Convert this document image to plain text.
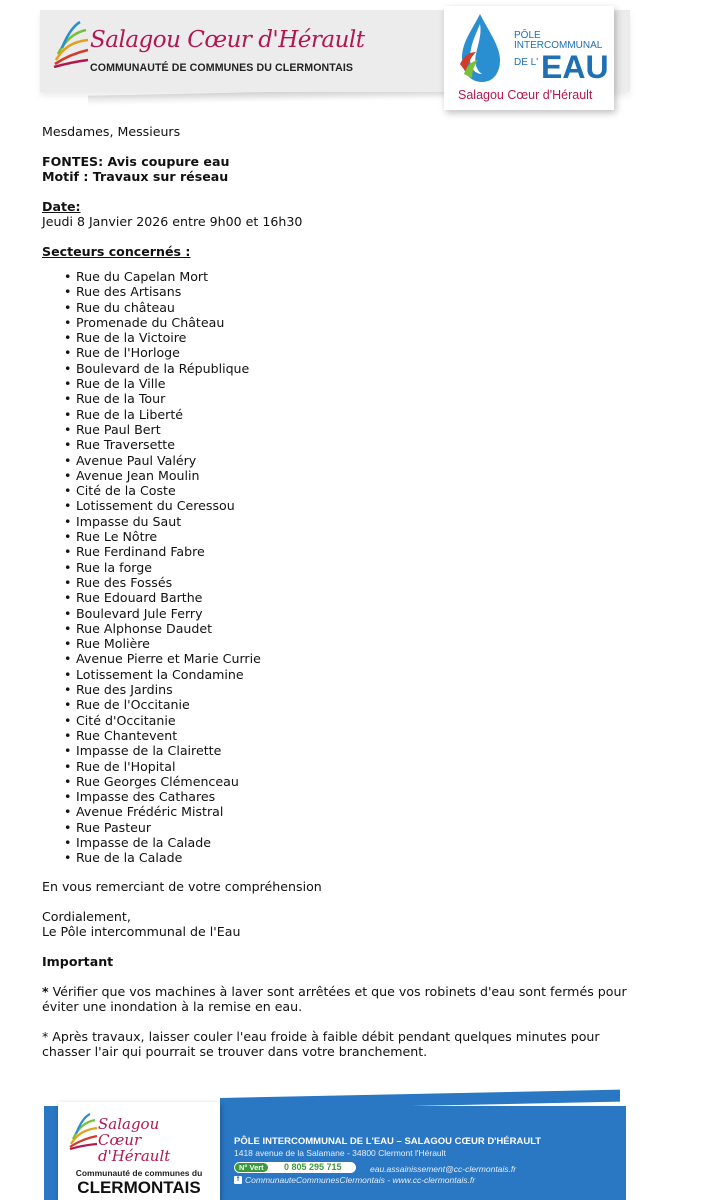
Salagou Cœur d'Hérault
COMMUNAUTÉ DE COMMUNES DU CLERMONTAIS
PÔLE
INTERCOMMUNAL
DE L' EAU
Salagou Cœur d'Hérault

Mesdames, Messieurs

FONTES: Avis coupure eau

Motif : Travaux sur réseau

Date:

Jeudi 8 Janvier 2026 entre 9h00 et 16h30

Secteurs concernés :

• Rue du Capelan Mort
• Rue des Artisans
• Rue du château
• Promenade du Château
• Rue de la Victoire
• Rue de l'Horloge
• Boulevard de la République
• Rue de la Ville
• Rue de la Tour
• Rue de la Liberté
• Rue Paul Bert
• Rue Traversette
• Avenue Paul Valéry
• Avenue Jean Moulin
• Cité de la Coste
• Lotissement du Ceressou
• Impasse du Saut
• Rue Le Nôtre
• Rue Ferdinand Fabre
• Rue la forge
• Rue des Fossés
• Rue Edouard Barthe
• Boulevard Jule Ferry
• Rue Alphonse Daudet
• Rue Molière
• Avenue Pierre et Marie Currie
• Lotissement la Condamine
• Rue des Jardins
• Rue de l'Occitanie
• Cité d'Occitanie
• Rue Chantevent
• Impasse de la Clairette
• Rue de l'Hopital
• Rue Georges Clémenceau
• Impasse des Cathares
• Avenue Frédéric Mistral
• Rue Pasteur
• Impasse de la Calade
• Rue de la Calade

En vous remerciant de votre compréhension

Cordialement,

Le Pôle intercommunal de l'Eau

Important

* Vérifier que vos machines à laver sont arrêtées et que vos robinets d'eau sont fermés pour éviter une inondation à la remise en eau.

* Après travaux, laisser couler l'eau froide à faible débit pendant quelques minutes pour chasser l'air qui pourrait se trouver dans votre branchement.

Salagou
Cœur d'Hérault
Communauté de communes du
CLERMONTAIS
PÔLE INTERCOMMUNAL DE L'EAU – SALAGOU CŒUR D'HÉRAULT
1418 avenue de la Salamane - 34800 Clermont l'Hérault
N° Vert	0 805 295 715	eau.assainissement@cc-clermontais.fr
f CommunauteCommunesClermontais - www.cc-clermontais.fr
